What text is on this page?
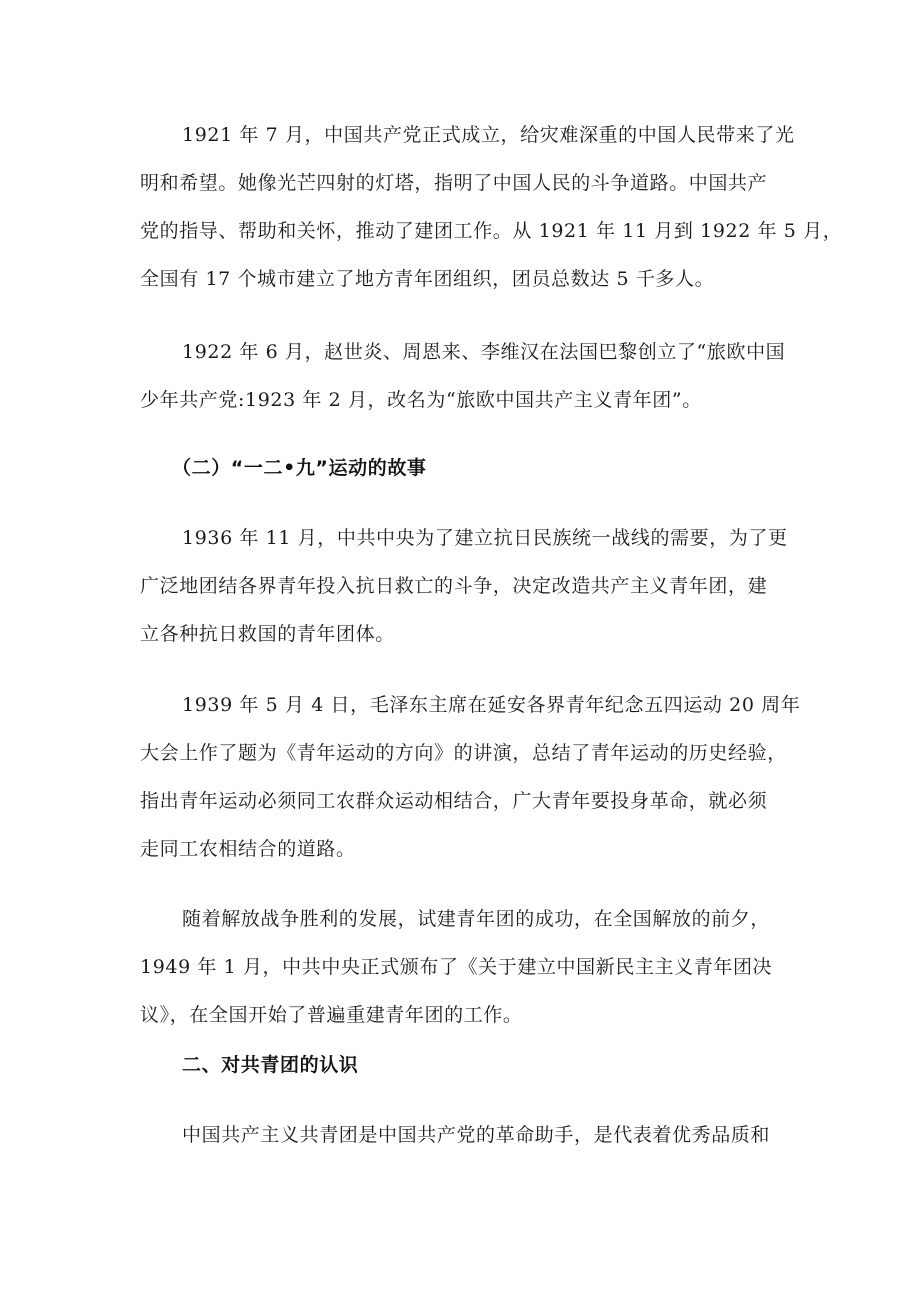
1921 年 7 月，中国共产党正式成立，给灾难深重的中国人民带来了光
明和希望。她像光芒四射的灯塔，指明了中国人民的斗争道路。中国共产
党的指导、帮助和关怀，推动了建团工作。从 1921 年 11 月到 1922 年 5 月，
全国有 17 个城市建立了地方青年团组织，团员总数达 5 千多人。
1922 年 6 月，赵世炎、周恩来、李维汉在法国巴黎创立了“旅欧中国
少年共产党:1923 年 2 月，改名为“旅欧中国共产主义青年团”。
（二）“一二•九”运动的故事
1936 年 11 月，中共中央为了建立抗日民族统一战线的需要，为了更
广泛地团结各界青年投入抗日救亡的斗争，决定改造共产主义青年团，建
立各种抗日救国的青年团体。
1939 年 5 月 4 日，毛泽东主席在延安各界青年纪念五四运动 20 周年
大会上作了题为《青年运动的方向》的讲演，总结了青年运动的历史经验，
指出青年运动必须同工农群众运动相结合，广大青年要投身革命，就必须
走同工农相结合的道路。
随着解放战争胜利的发展，试建青年团的成功，在全国解放的前夕，
1949 年 1 月，中共中央正式颁布了《关于建立中国新民主主义青年团决
议》，在全国开始了普遍重建青年团的工作。
二、对共青团的认识
中国共产主义共青团是中国共产党的革命助手，是代表着优秀品质和
